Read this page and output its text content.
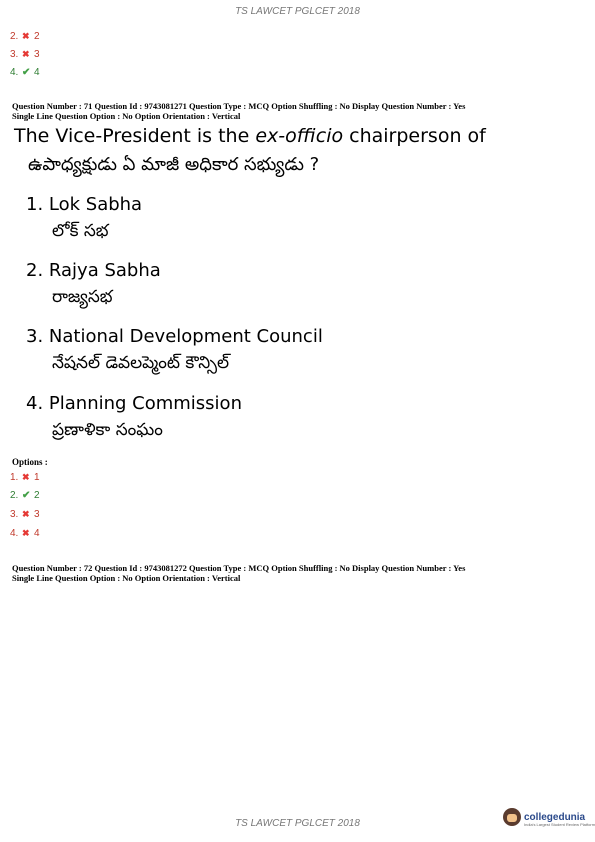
TS LAWCET PGLCET 2018
2. ✖ 2
3. ✖ 3
4. ✔ 4
Question Number : 71 Question Id : 9743081271 Question Type : MCQ Option Shuffling : No Display Question Number : Yes
Single Line Question Option : No Option Orientation : Vertical
The Vice-President is the ex-officio chairperson of
ఉపాధ్యక్షుడు ఏ మాజీ అధికార సభ్యుడు ?
1. Lok Sabha
లోక్ సభ
2. Rajya Sabha
రాజ్యసభ
3. National Development Council
నేషనల్ డెవలప్మెంట్ కౌన్సిల్
4. Planning Commission
ప్రణాళికా సంఘం
Options :
1. ✖ 1
2. ✔ 2
3. ✖ 3
4. ✖ 4
Question Number : 72 Question Id : 9743081272 Question Type : MCQ Option Shuffling : No Display Question Number : Yes
Single Line Question Option : No Option Orientation : Vertical
TS LAWCET PGLCET 2018
collegedunia
India's Largest Student Review Platform
